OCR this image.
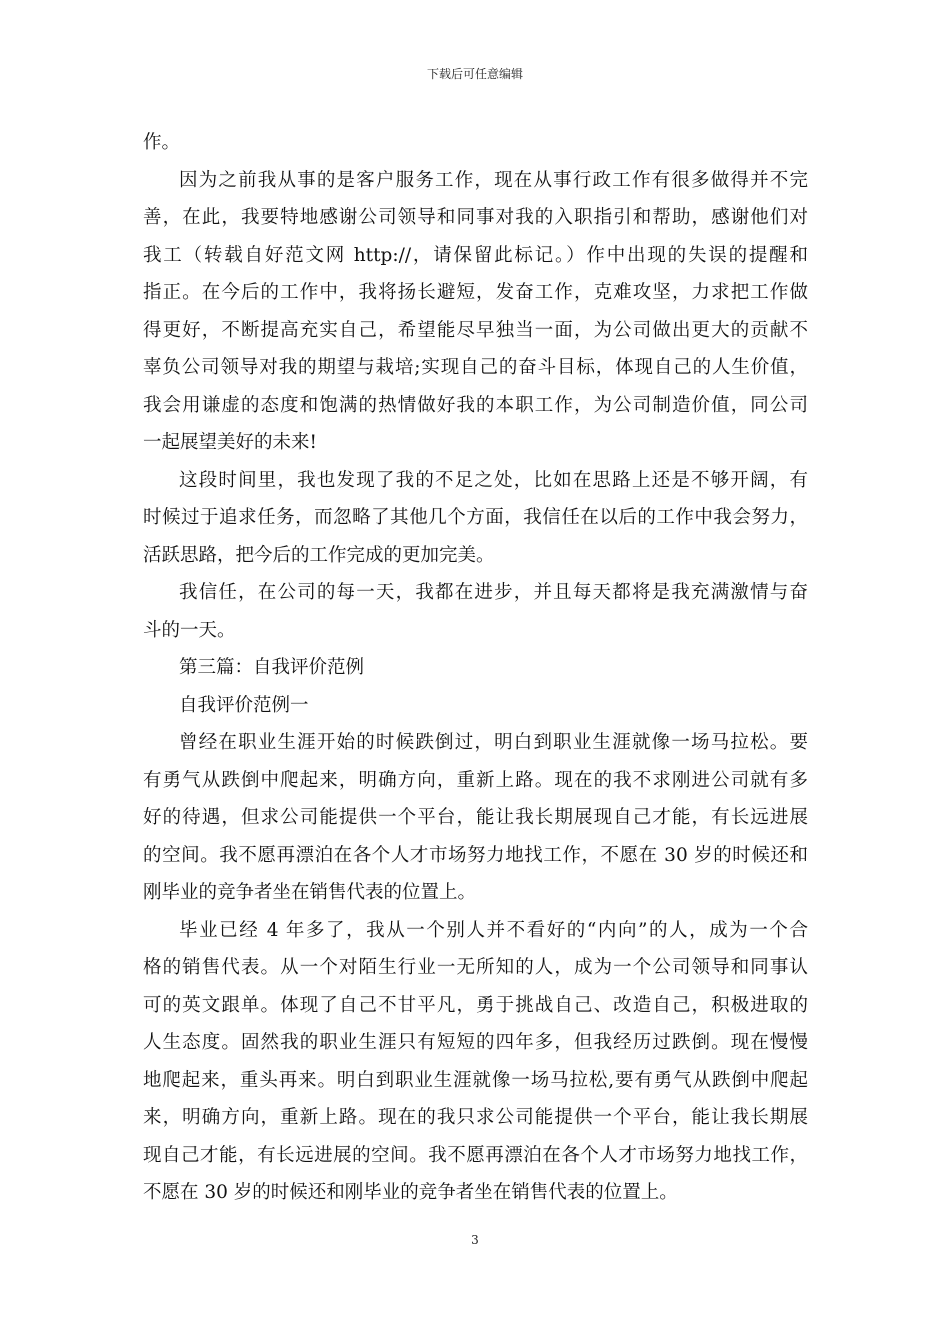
下载后可任意编辑
作。
因为之前我从事的是客户服务工作，现在从事行政工作有很多做得并不完
善，在此，我要特地感谢公司领导和同事对我的入职指引和帮助，感谢他们对
我工（转载自好范文网 http://，请保留此标记。）作中出现的失误的提醒和
指正。在今后的工作中，我将扬长避短，发奋工作，克难攻坚，力求把工作做
得更好，不断提高充实自己，希望能尽早独当一面，为公司做出更大的贡献不
辜负公司领导对我的期望与栽培;实现自己的奋斗目标，体现自己的人生价值，
我会用谦虚的态度和饱满的热情做好我的本职工作，为公司制造价值，同公司
一起展望美好的未来!
这段时间里，我也发现了我的不足之处，比如在思路上还是不够开阔，有
时候过于追求任务，而忽略了其他几个方面，我信任在以后的工作中我会努力，
活跃思路，把今后的工作完成的更加完美。
我信任，在公司的每一天，我都在进步，并且每天都将是我充满激情与奋
斗的一天。
第三篇：自我评价范例
自我评价范例一
曾经在职业生涯开始的时候跌倒过，明白到职业生涯就像一场马拉松。要
有勇气从跌倒中爬起来，明确方向，重新上路。现在的我不求刚进公司就有多
好的待遇，但求公司能提供一个平台，能让我长期展现自己才能，有长远进展
的空间。我不愿再漂泊在各个人才市场努力地找工作，不愿在 30 岁的时候还和
刚毕业的竞争者坐在销售代表的位置上。
毕业已经 4 年多了，我从一个别人并不看好的“内向”的人，成为一个合
格的销售代表。从一个对陌生行业一无所知的人，成为一个公司领导和同事认
可的英文跟单。体现了自己不甘平凡，勇于挑战自己、改造自己，积极进取的
人生态度。固然我的职业生涯只有短短的四年多，但我经历过跌倒。现在慢慢
地爬起来，重头再来。明白到职业生涯就像一场马拉松,要有勇气从跌倒中爬起
来，明确方向，重新上路。现在的我只求公司能提供一个平台，能让我长期展
现自己才能，有长远进展的空间。我不愿再漂泊在各个人才市场努力地找工作，
不愿在 30 岁的时候还和刚毕业的竞争者坐在销售代表的位置上。
3
